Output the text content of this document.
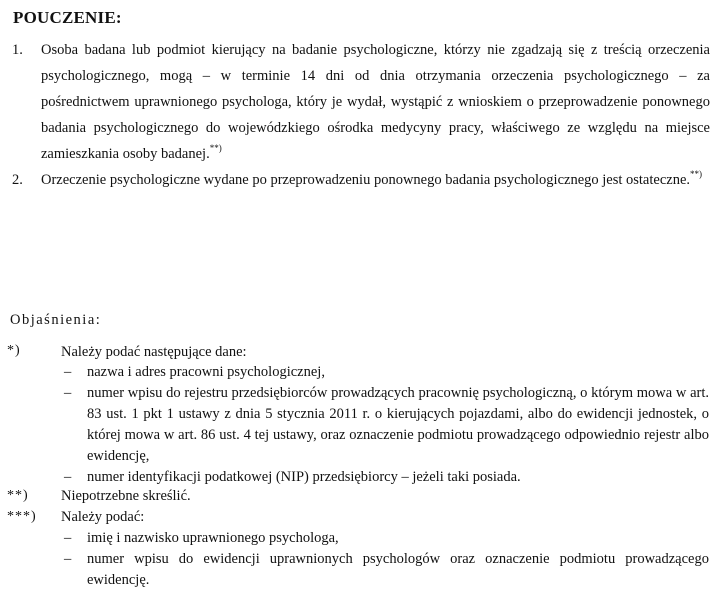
POUCZENIE:
1. Osoba badana lub podmiot kierujący na badanie psychologiczne, którzy nie zgadzają się z treścią orzeczenia psychologicznego, mogą – w terminie 14 dni od dnia otrzymania orzeczenia psychologicznego – za pośrednictwem uprawnionego psychologa, który je wydał, wystąpić z wnioskiem o przeprowadzenie ponownego badania psychologicznego do wojewódzkiego ośrodka medycyny pracy, właściwego ze względu na miejsce zamieszkania osoby badanej.**)
2. Orzeczenie psychologiczne wydane po przeprowadzeniu ponownego badania psychologicznego jest ostateczne.**)
Objaśnienia:
*)	Należy podać następujące dane:
– nazwa i adres pracowni psychologicznej,
– numer wpisu do rejestru przedsiębiorców prowadzących pracownię psychologiczną, o którym mowa w art. 83 ust. 1 pkt 1 ustawy z dnia 5 stycznia 2011 r. o kierujących pojazdami, albo do ewidencji jednostek, o której mowa w art. 86 ust. 4 tej ustawy, oraz oznaczenie podmiotu prowadzącego odpowiednio rejestr albo ewidencję,
– numer identyfikacji podatkowej (NIP) przedsiębiorcy – jeżeli taki posiada.
**) Niepotrzebne skreślić.
***) Należy podać:
– imię i nazwisko uprawnionego psychologa,
– numer wpisu do ewidencji uprawnionych psychologów oraz oznaczenie podmiotu prowadzącego ewidencję.
